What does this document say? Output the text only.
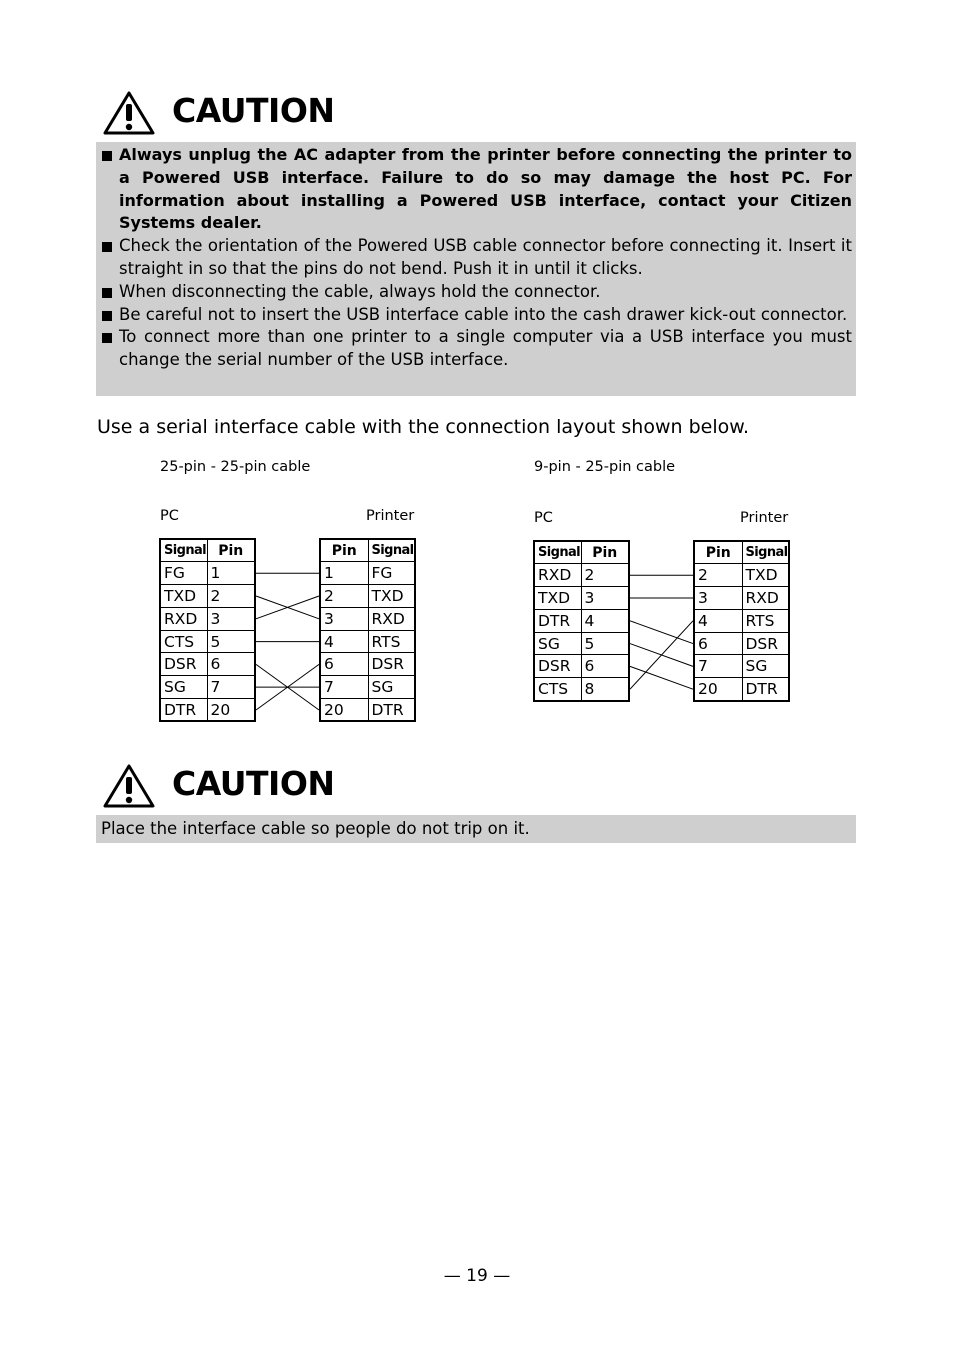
CAUTION
Always unplug the AC adapter from the printer before connecting the printer to a Powered USB interface. Failure to do so may damage the host PC. For information about installing a Powered USB interface, contact your Citizen Systems dealer.
Check the orientation of the Powered USB cable connector before connecting it. Insert it straight in so that the pins do not bend. Push it in until it clicks.
When disconnecting the cable, always hold the connector.
Be careful not to insert the USB interface cable into the cash drawer kick-out connector.
To connect more than one printer to a single computer via a USB interface you must change the serial number of the USB interface.
Use a serial interface cable with the connection layout shown below.
25-pin - 25-pin cable
PC	Printer
Signal	Pin
FG	1
TXD	2
RXD	3
CTS	5
DSR	6
SG	7
DTR	20
Pin	Signal
1	FG
2	TXD
3	RXD
4	RTS
6	DSR
7	SG
20	DTR
9-pin - 25-pin cable
PC	Printer
Signal	Pin
RXD	2
TXD	3
DTR	4
SG	5
DSR	6
CTS	8
Pin	Signal
2	TXD
3	RXD
4	RTS
6	DSR
7	SG
20	DTR
CAUTION
Place the interface cable so people do not trip on it.
— 19 —
